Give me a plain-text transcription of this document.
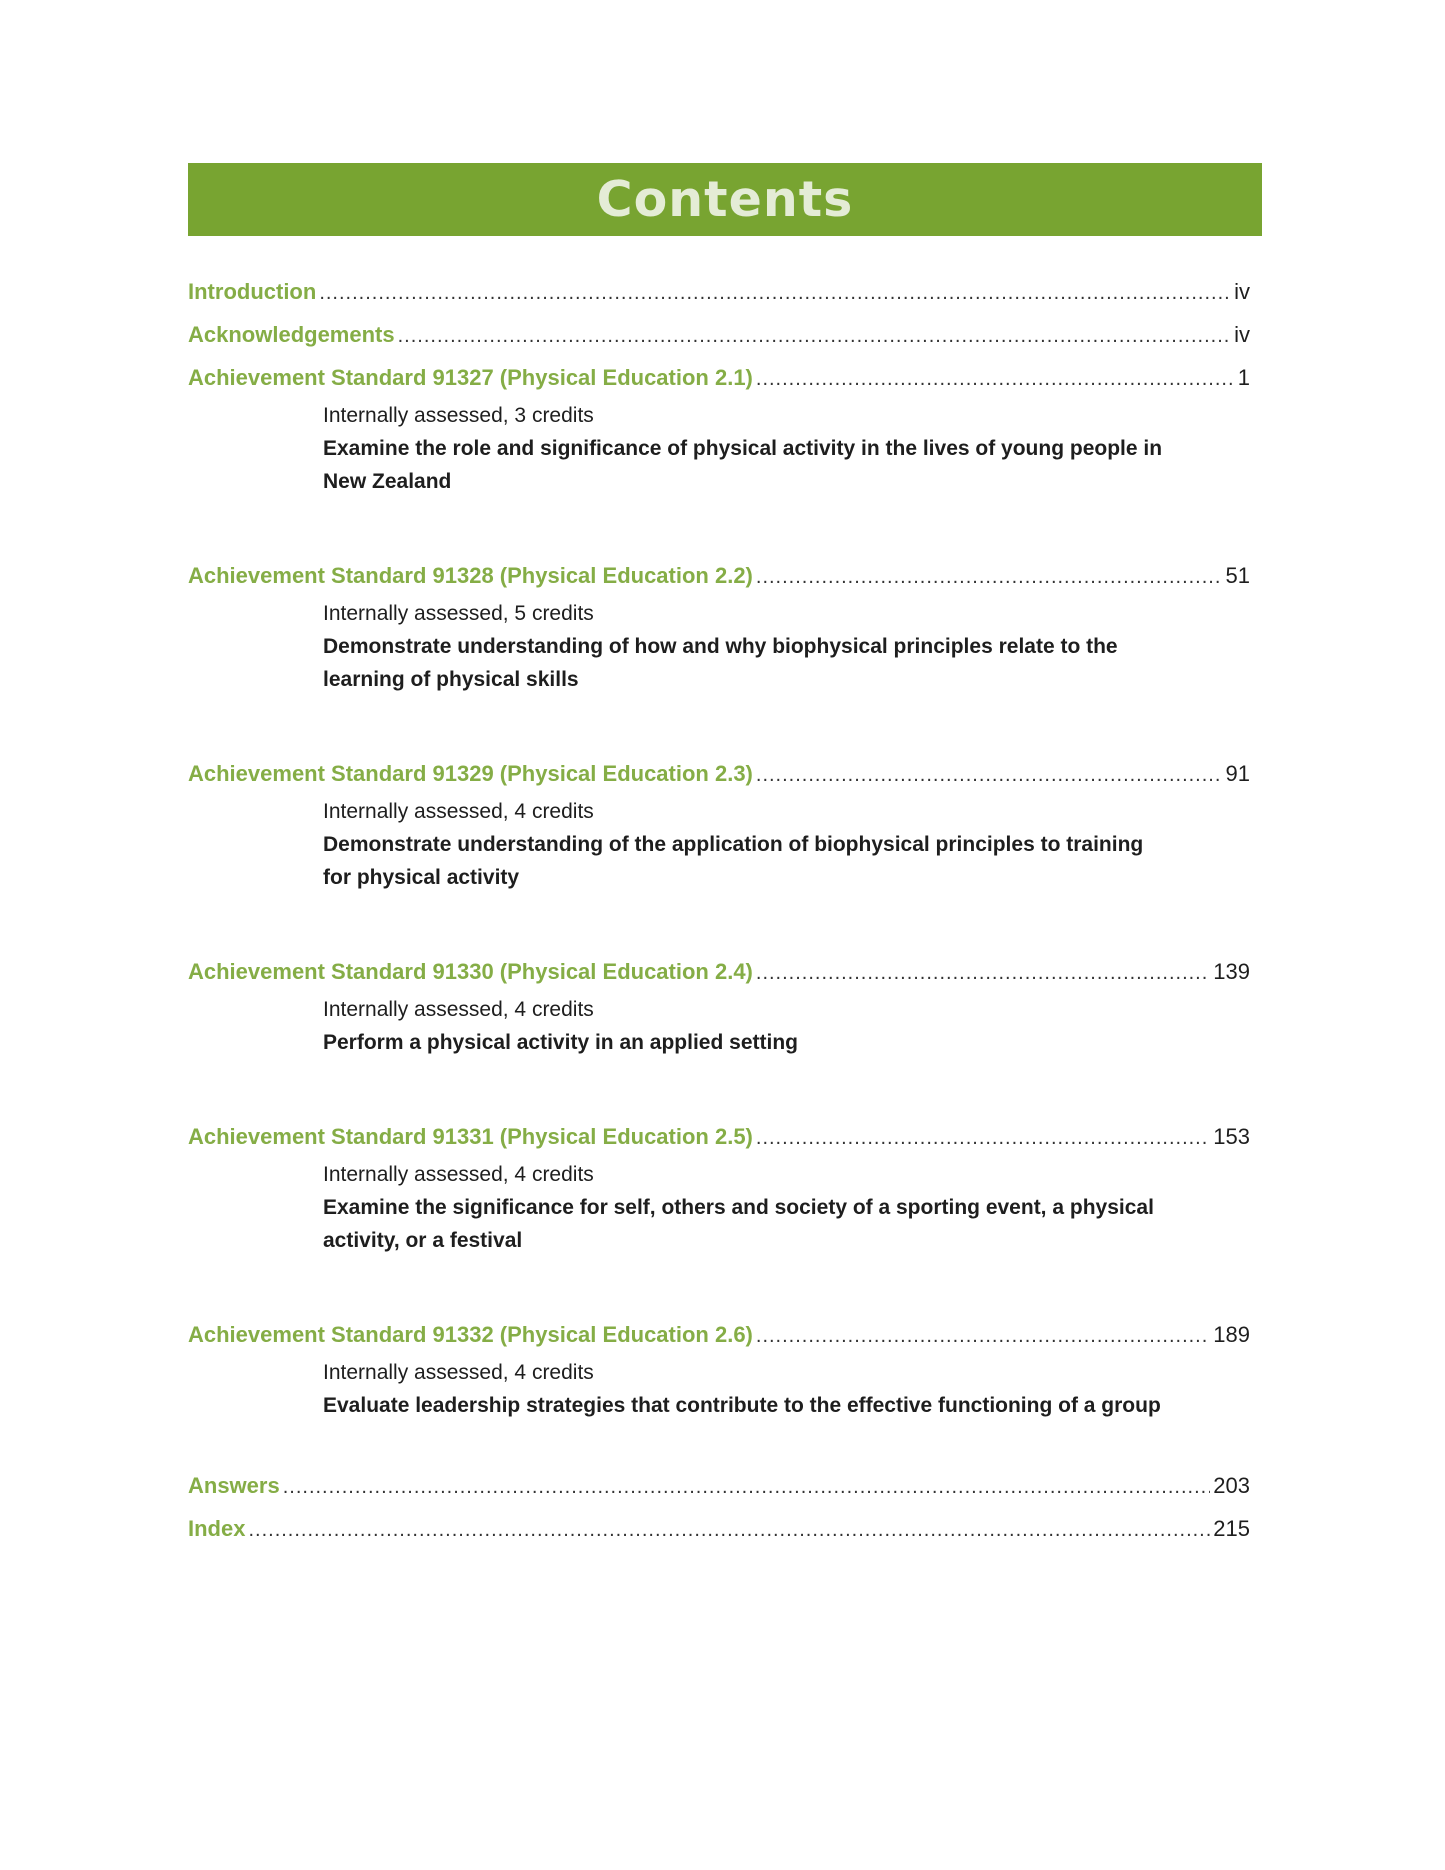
Contents
Introduction .....	iv
Acknowledgements .....	iv
Achievement Standard 91327 (Physical Education 2.1) .....	1
Internally assessed, 3 credits
Examine the role and significance of physical activity in the lives of young people in
New Zealand
Achievement Standard 91328 (Physical Education 2.2) .....	51
Internally assessed, 5 credits
Demonstrate understanding of how and why biophysical principles relate to the
learning of physical skills
Achievement Standard 91329 (Physical Education 2.3) .....	91
Internally assessed, 4 credits
Demonstrate understanding of the application of biophysical principles to training
for physical activity
Achievement Standard 91330 (Physical Education 2.4) .....	139
Internally assessed, 4 credits
Perform a physical activity in an applied setting
Achievement Standard 91331 (Physical Education 2.5) .....	153
Internally assessed, 4 credits
Examine the significance for self, others and society of a sporting event, a physical
activity, or a festival
Achievement Standard 91332 (Physical Education 2.6) .....	189
Internally assessed, 4 credits
Evaluate leadership strategies that contribute to the effective functioning of a group
Answers .....	203
Index .....	215
